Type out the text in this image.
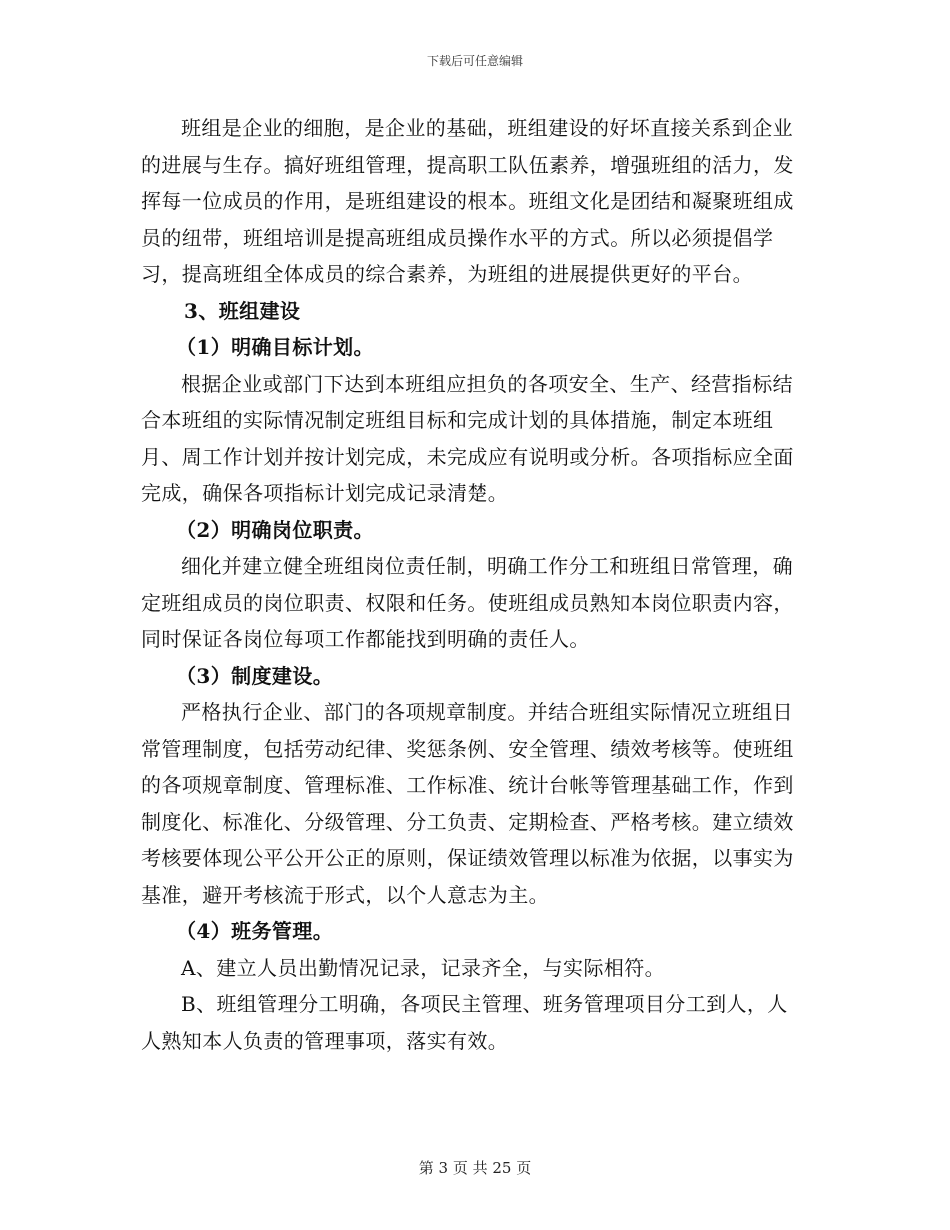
下载后可任意编辑

班组是企业的细胞，是企业的基础，班组建设的好坏直接关系到企业的进展与生存。搞好班组管理，提高职工队伍素养，增强班组的活力，发挥每一位成员的作用，是班组建设的根本。班组文化是团结和凝聚班组成员的纽带，班组培训是提高班组成员操作水平的方式。所以必须提倡学习，提高班组全体成员的综合素养，为班组的进展提供更好的平台。

3、班组建设

（1）明确目标计划。

根据企业或部门下达到本班组应担负的各项安全、生产、经营指标结合本班组的实际情况制定班组目标和完成计划的具体措施，制定本班组月、周工作计划并按计划完成，未完成应有说明或分析。各项指标应全面完成，确保各项指标计划完成记录清楚。

（2）明确岗位职责。

细化并建立健全班组岗位责任制，明确工作分工和班组日常管理，确定班组成员的岗位职责、权限和任务。使班组成员熟知本岗位职责内容，同时保证各岗位每项工作都能找到明确的责任人。

（3）制度建设。

严格执行企业、部门的各项规章制度。并结合班组实际情况立班组日常管理制度，包括劳动纪律、奖惩条例、安全管理、绩效考核等。使班组的各项规章制度、管理标准、工作标准、统计台帐等管理基础工作，作到制度化、标准化、分级管理、分工负责、定期检查、严格考核。建立绩效考核要体现公平公开公正的原则，保证绩效管理以标准为依据，以事实为基准，避开考核流于形式，以个人意志为主。

（4）班务管理。

A、建立人员出勤情况记录，记录齐全，与实际相符。

B、班组管理分工明确，各项民主管理、班务管理项目分工到人，人人熟知本人负责的管理事项，落实有效。

第 3 页 共 25 页
